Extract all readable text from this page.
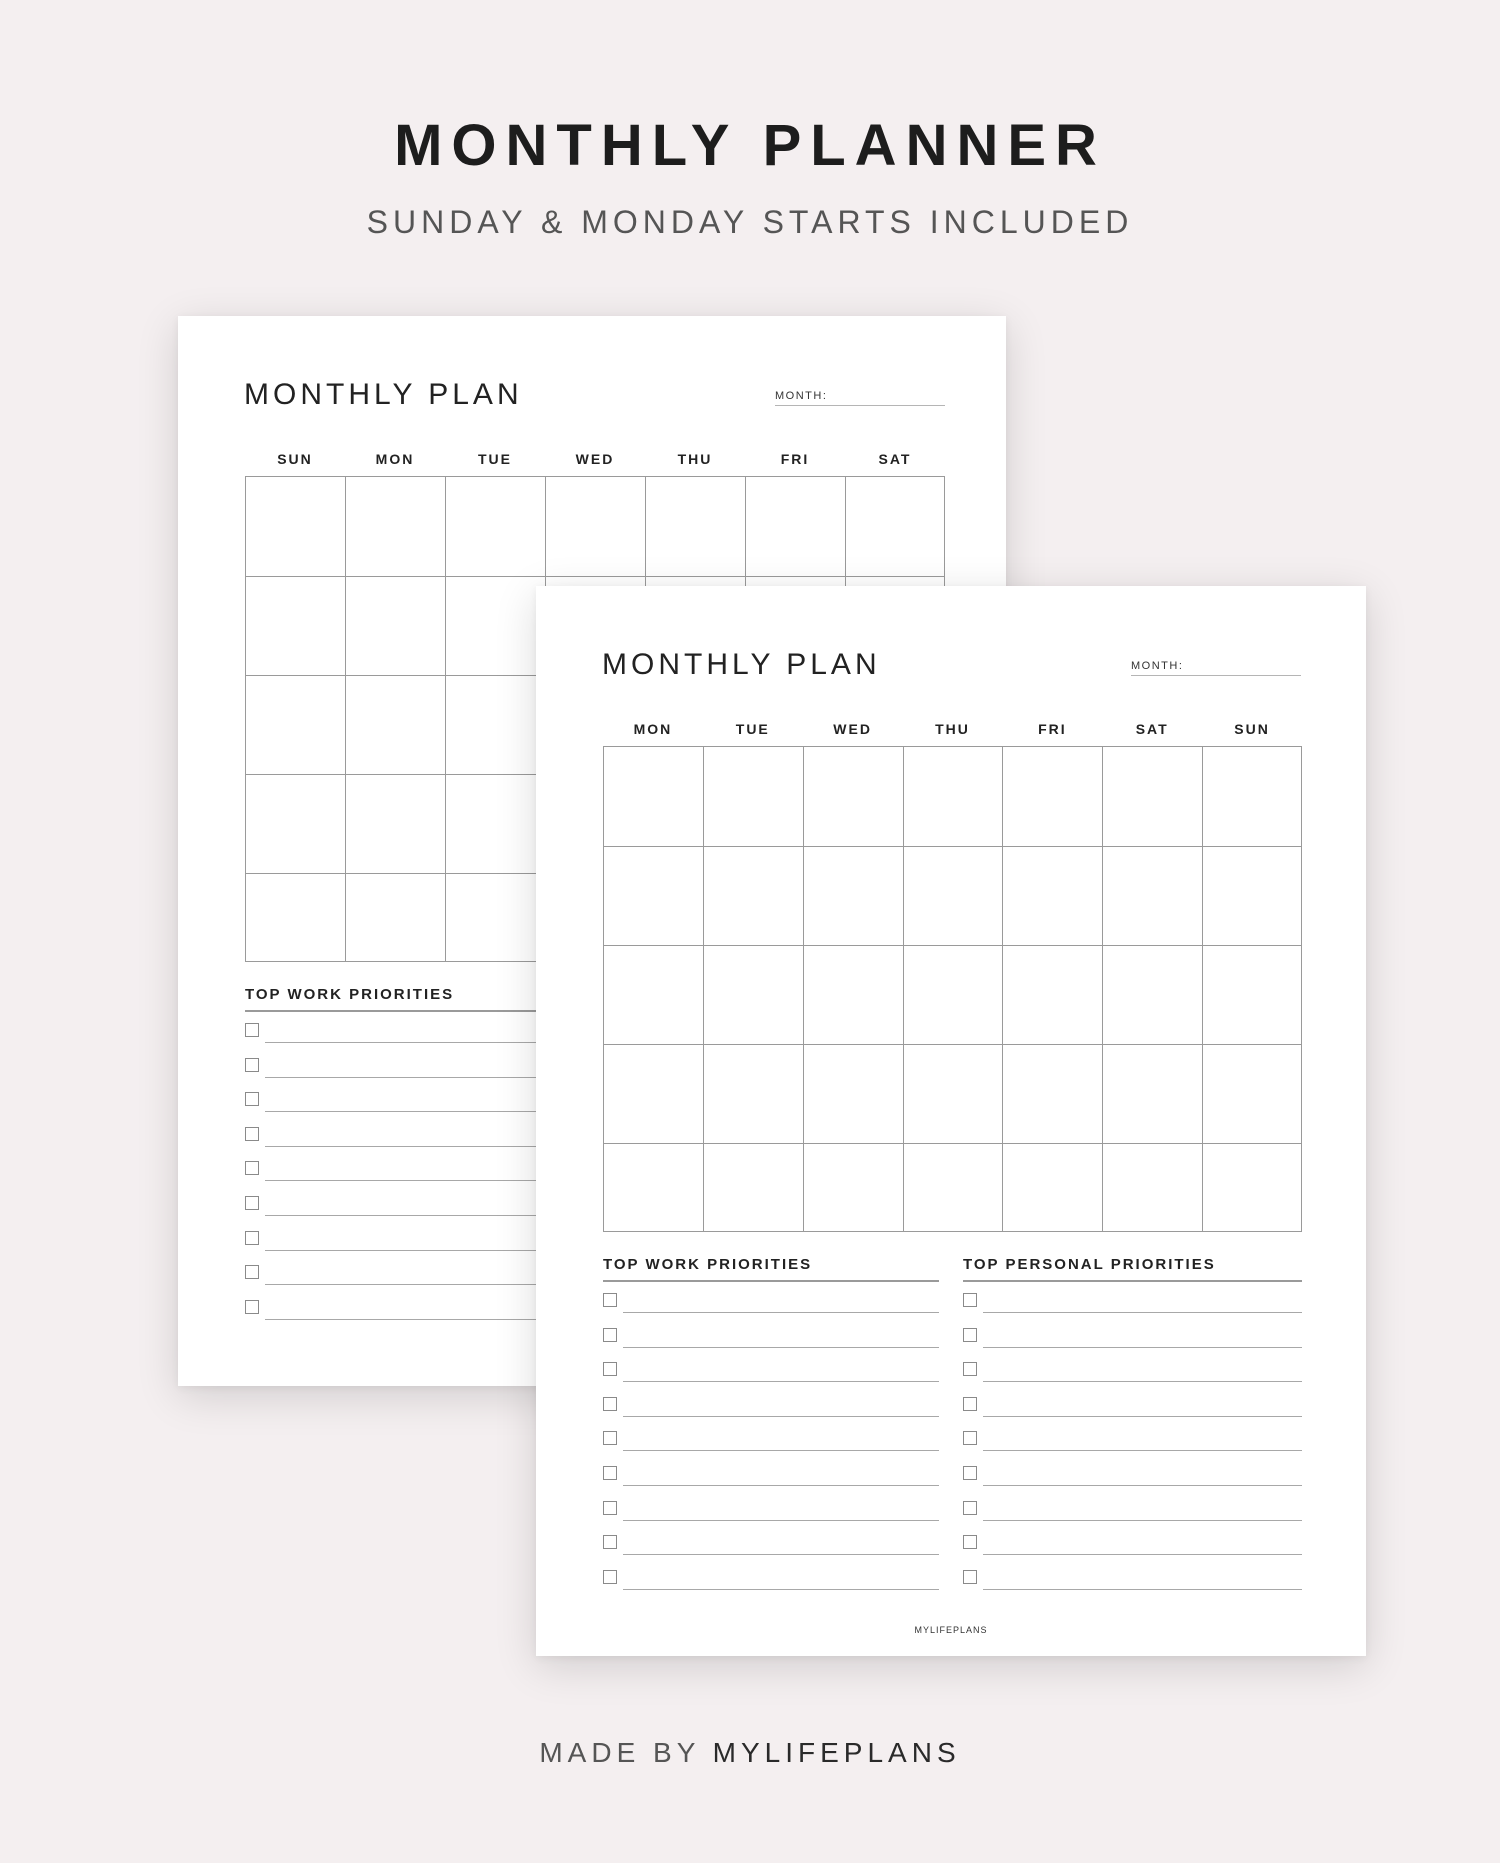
MONTHLY PLANNER
SUNDAY & MONDAY STARTS INCLUDED
MONTHLY PLAN	MONTH:
SUN	MON	TUE	WED	THU	FRI	SAT
TOP WORK PRIORITIES
MONTHLY PLAN	MONTH:
MON	TUE	WED	THU	FRI	SAT	SUN
TOP WORK PRIORITIES	TOP PERSONAL PRIORITIES
MYLIFEPLANS
MADE BY MYLIFEPLANS
